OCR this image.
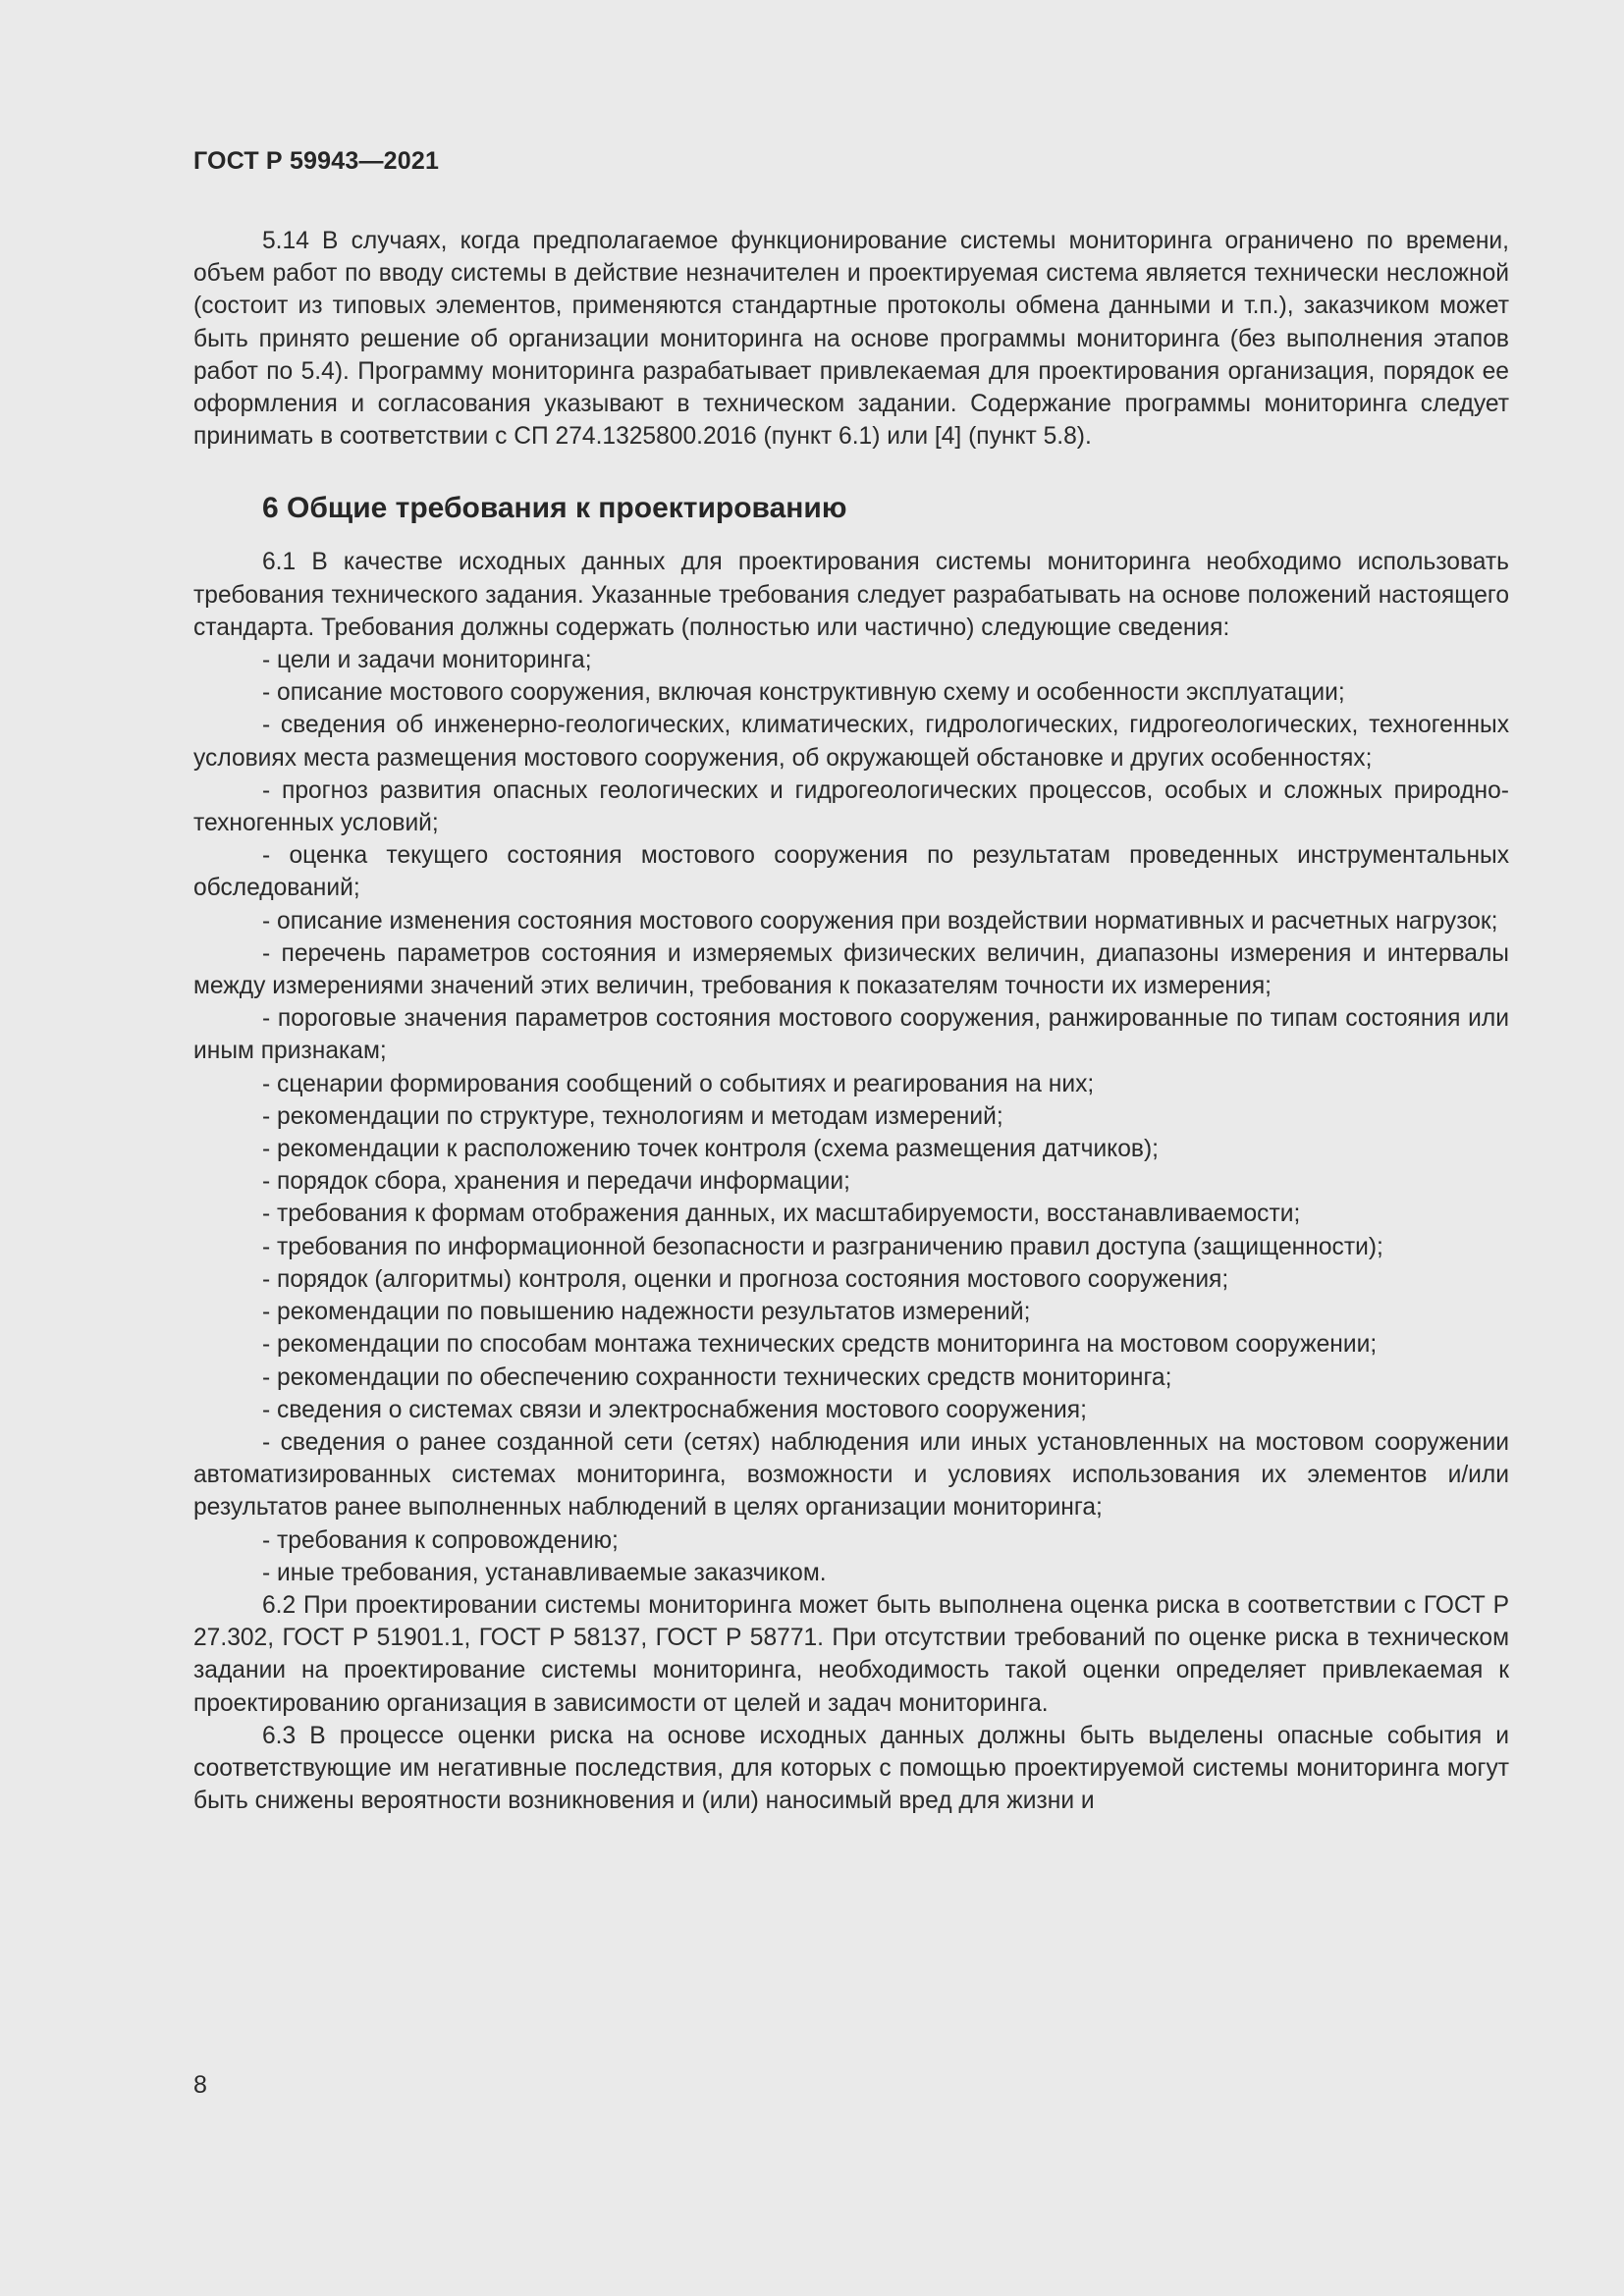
ГОСТ Р 59943—2021

5.14 В случаях, когда предполагаемое функционирование системы мониторинга ограничено по времени, объем работ по вводу системы в действие незначителен и проектируемая система является технически несложной (состоит из типовых элементов, применяются стандартные протоколы обмена данными и т.п.), заказчиком может быть принято решение об организации мониторинга на основе программы мониторинга (без выполнения этапов работ по 5.4). Программу мониторинга разрабатывает привлекаемая для проектирования организация, порядок ее оформления и согласования указывают в техническом задании. Содержание программы мониторинга следует принимать в соответствии с СП 274.1325800.2016 (пункт 6.1) или [4] (пункт 5.8).

6 Общие требования к проектированию

6.1 В качестве исходных данных для проектирования системы мониторинга необходимо использовать требования технического задания. Указанные требования следует разрабатывать на основе положений настоящего стандарта. Требования должны содержать (полностью или частично) следующие сведения:

- цели и задачи мониторинга;

- описание мостового сооружения, включая конструктивную схему и особенности эксплуатации;

- сведения об инженерно-геологических, климатических, гидрологических, гидрогеологических, техногенных условиях места размещения мостового сооружения, об окружающей обстановке и других особенностях;

- прогноз развития опасных геологических и гидрогеологических процессов, особых и сложных природно-техногенных условий;

- оценка текущего состояния мостового сооружения по результатам проведенных инструментальных обследований;

- описание изменения состояния мостового сооружения при воздействии нормативных и расчетных нагрузок;

- перечень параметров состояния и измеряемых физических величин, диапазоны измерения и интервалы между измерениями значений этих величин, требования к показателям точности их измерения;

- пороговые значения параметров состояния мостового сооружения, ранжированные по типам состояния или иным признакам;

- сценарии формирования сообщений о событиях и реагирования на них;

- рекомендации по структуре, технологиям и методам измерений;

- рекомендации к расположению точек контроля (схема размещения датчиков);

- порядок сбора, хранения и передачи информации;

- требования к формам отображения данных, их масштабируемости, восстанавливаемости;

- требования по информационной безопасности и разграничению правил доступа (защищенности);

- порядок (алгоритмы) контроля, оценки и прогноза состояния мостового сооружения;

- рекомендации по повышению надежности результатов измерений;

- рекомендации по способам монтажа технических средств мониторинга на мостовом сооружении;

- рекомендации по обеспечению сохранности технических средств мониторинга;

- сведения о системах связи и электроснабжения мостового сооружения;

- сведения о ранее созданной сети (сетях) наблюдения или иных установленных на мостовом сооружении автоматизированных системах мониторинга, возможности и условиях использования их элементов и/или результатов ранее выполненных наблюдений в целях организации мониторинга;

- требования к сопровождению;

- иные требования, устанавливаемые заказчиком.

6.2 При проектировании системы мониторинга может быть выполнена оценка риска в соответствии с ГОСТ Р 27.302, ГОСТ Р 51901.1, ГОСТ Р 58137, ГОСТ Р 58771. При отсутствии требований по оценке риска в техническом задании на проектирование системы мониторинга, необходимость такой оценки определяет привлекаемая к проектированию организация в зависимости от целей и задач мониторинга.

6.3 В процессе оценки риска на основе исходных данных должны быть выделены опасные события и соответствующие им негативные последствия, для которых с помощью проектируемой системы мониторинга могут быть снижены вероятности возникновения и (или) наносимый вред для жизни и

8
